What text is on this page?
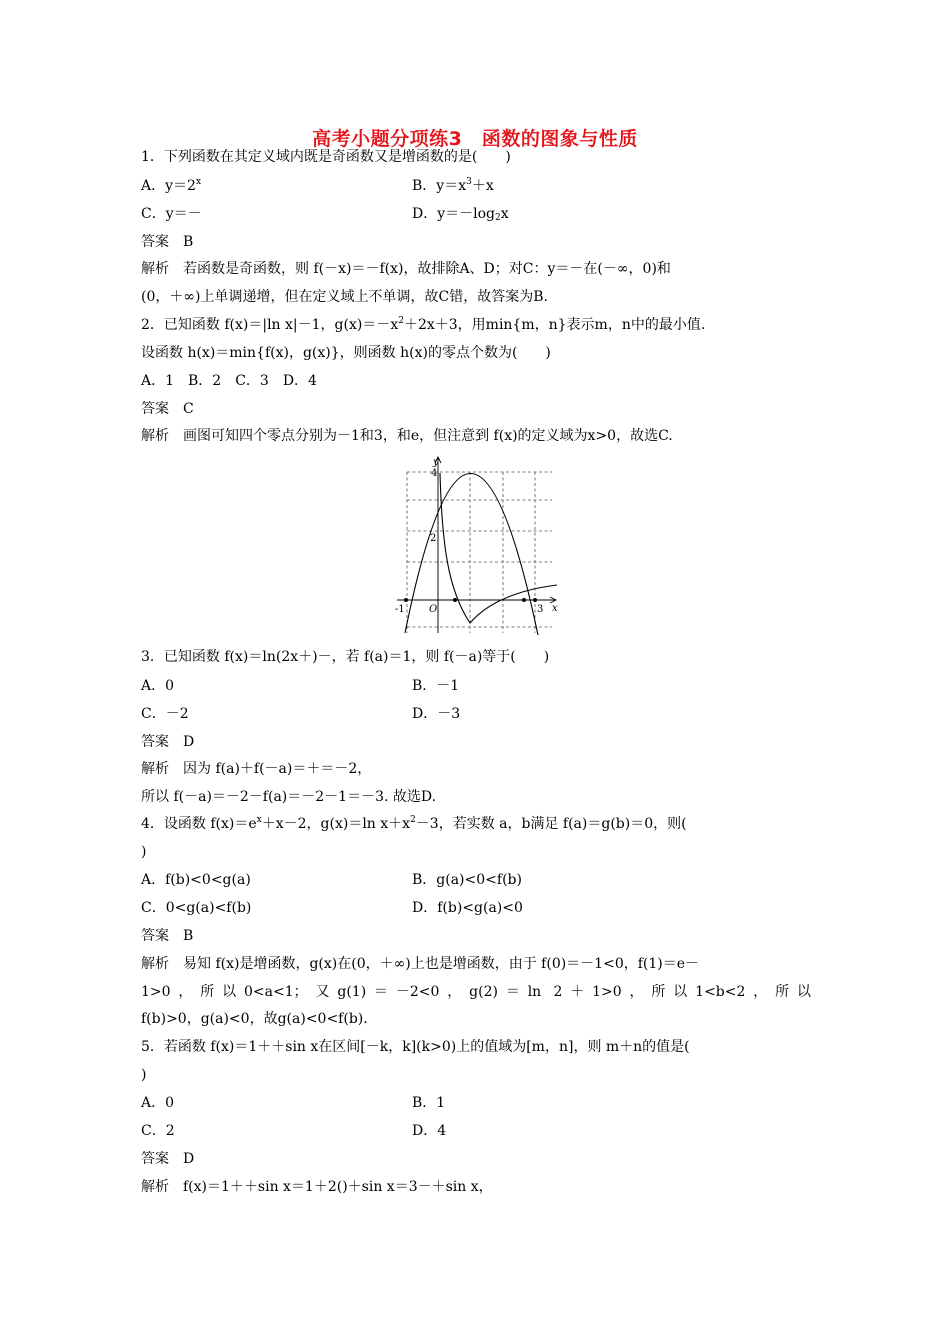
高考小题分项练3　函数的图象与性质
1．下列函数在其定义域内既是奇函数又是增函数的是(　　)
A．$y=2^x$	B．$y=x^3+x$
C．y＝－	D．$y=-\log_2x$
答案　B
解析　若函数是奇函数，则 f(－x)＝－f(x)，故排除A、D；对C：y＝－在(－∞，0)和
(0，＋∞)上单调递增，但在定义域上不单调，故C错，故答案为B.
2．已知函数 f(x)＝|ln x|－1，$g(x)=-x^2+2x+3$，用min{m，n}表示m，n中的最小值.
设函数 h(x)＝min{f(x)，g(x)}，则函数 h(x)的零点个数为(　　)
A．1　B．2　C．3　D．4
答案　C
解析　画图可知四个零点分别为－1和3，和e，但注意到 f(x)的定义域为x>0，故选C.
y
x
O
4
2
-1	3
3．已知函数 f(x)＝ln(2x＋)－，若 f(a)＝1，则 f(－a)等于(　　)
A．0	B．－1
C．－2	D．－3
答案　D
解析　因为 f(a)＋f(－a)＝＋＝－2，
所以 f(－a)＝－2－f(a)＝－2－1＝－3. 故选D.
4．设函数 $f(x)=e^x+x-2$，g(x)＝ln $x+x^2-3$，若实数 a，b满足 f(a)＝g(b)＝0，则(
)
A．f(b)<0<g(a)	B．g(a)<0<f(b)
C．0<g(a)<f(b)	D．f(b)<g(a)<0
答案　B
解析　易知 f(x)是增函数，g(x)在(0，＋∞)上也是增函数，由于 f(0)＝－1<0，f(1)＝e－
1>0，所以0<a<1；又g(1)＝－2<0，g(2)＝ln 2＋1>0，所以1<b<2，所以
f(b)>0，g(a)<0，故g(a)<0<f(b).
5．若函数 f(x)＝1＋＋sin x在区间[－k，k](k>0)上的值域为[m，n]，则 m＋n的值是(
)
A．0	B．1
C．2	D．4
答案　D
解析　f(x)＝1＋＋sin x＝1＋2()＋sin x＝3－＋sin x，
